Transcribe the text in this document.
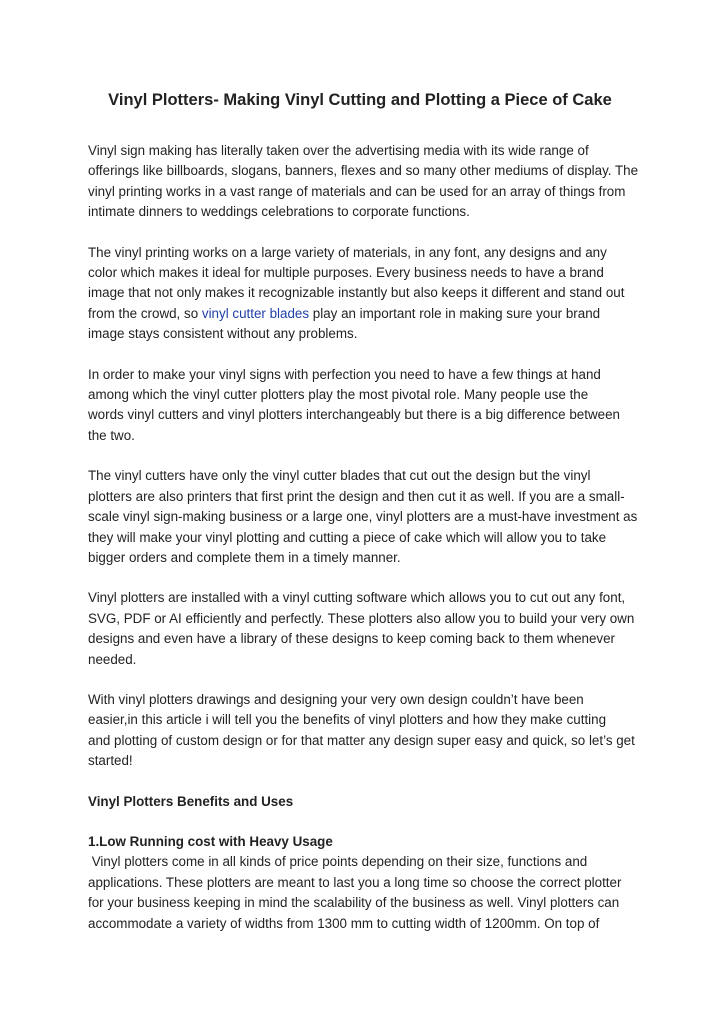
Vinyl Plotters- Making Vinyl Cutting and Plotting a Piece of Cake
Vinyl sign making has literally taken over the advertising media with its wide range of
offerings like billboards, slogans, banners, flexes and so many other mediums of display. The
vinyl printing works in a vast range of materials and can be used for an array of things from
intimate dinners to weddings celebrations to corporate functions.
The vinyl printing works on a large variety of materials, in any font, any designs and any
color which makes it ideal for multiple purposes. Every business needs to have a brand
image that not only makes it recognizable instantly but also keeps it different and stand out
from the crowd, so vinyl cutter blades play an important role in making sure your brand
image stays consistent without any problems.
In order to make your vinyl signs with perfection you need to have a few things at hand
among which the vinyl cutter plotters play the most pivotal role. Many people use the
words vinyl cutters and vinyl plotters interchangeably but there is a big difference between
the two.
The vinyl cutters have only the vinyl cutter blades that cut out the design but the vinyl
plotters are also printers that first print the design and then cut it as well. If you are a small-
scale vinyl sign-making business or a large one, vinyl plotters are a must-have investment as
they will make your vinyl plotting and cutting a piece of cake which will allow you to take
bigger orders and complete them in a timely manner.
Vinyl plotters are installed with a vinyl cutting software which allows you to cut out any font,
SVG, PDF or AI efficiently and perfectly. These plotters also allow you to build your very own
designs and even have a library of these designs to keep coming back to them whenever
needed.
With vinyl plotters drawings and designing your very own design couldn’t have been
easier,in this article i will tell you the benefits of vinyl plotters and how they make cutting
and plotting of custom design or for that matter any design super easy and quick, so let’s get
started!
Vinyl Plotters Benefits and Uses
1.Low Running cost with Heavy Usage
Vinyl plotters come in all kinds of price points depending on their size, functions and
applications. These plotters are meant to last you a long time so choose the correct plotter
for your business keeping in mind the scalability of the business as well. Vinyl plotters can
accommodate a variety of widths from 1300 mm to cutting width of 1200mm. On top of
